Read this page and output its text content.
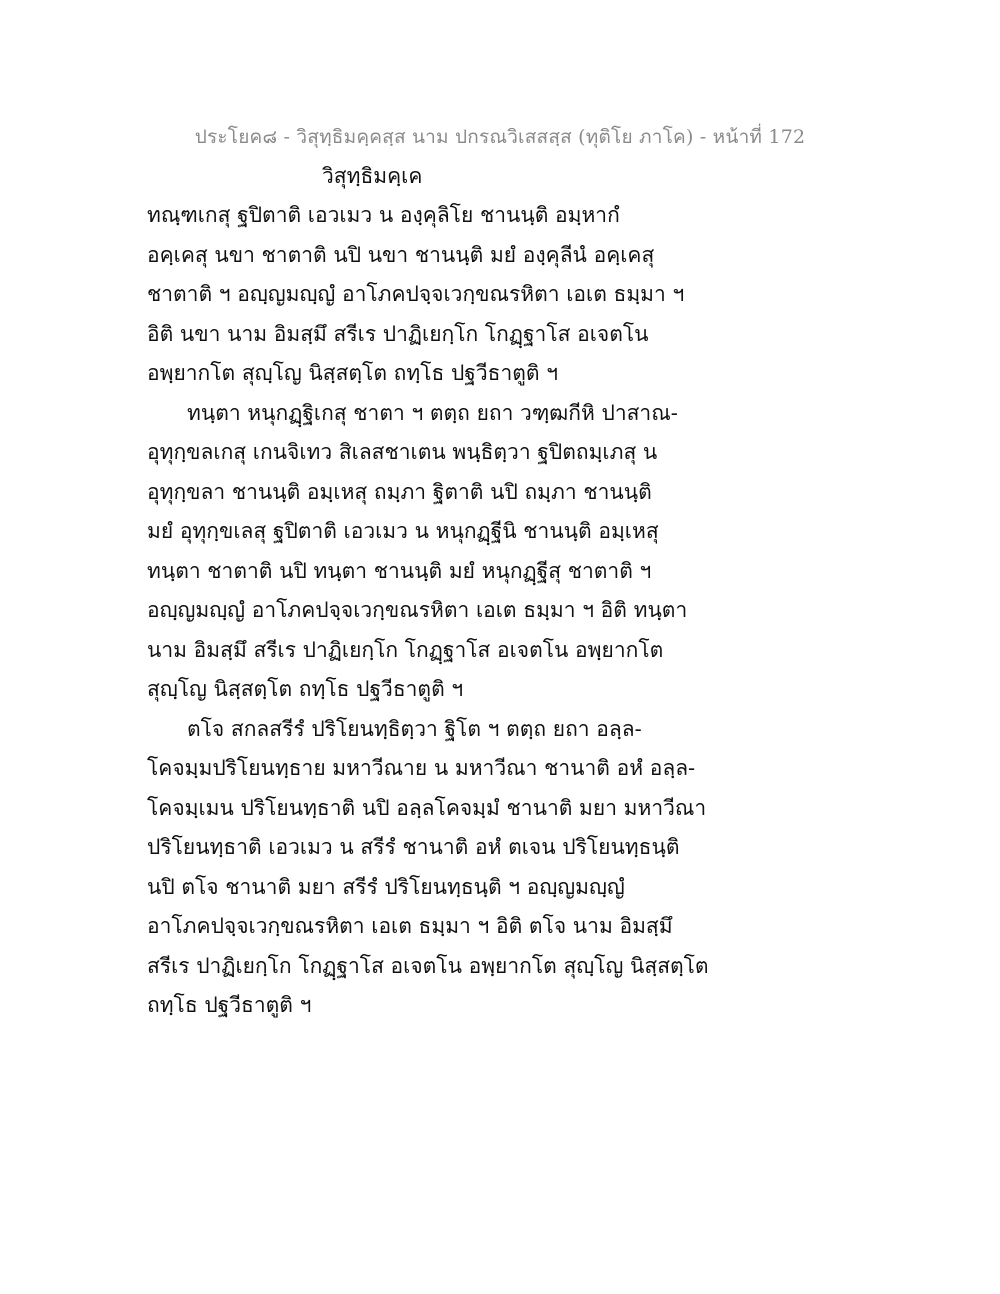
ประโยค๘ - วิสุทฺธิมคฺคสฺส นาม ปกรณวิเสสสฺส (ทุติโย ภาโค) - หน้าที่ 172
วิสุทฺธิมคฺเค
ทณฺฑเกสุ ฐปิตาติ เอวเมว น องฺคุลิโย ชานนฺติ อมฺหากํ
อคฺเคสุ นขา ชาตาติ นปิ นขา ชานนฺติ มยํ องฺคุลีนํ อคฺเคสุ
ชาตาติ ฯ อญฺญมญฺญํ อาโภคปจฺจเวกฺขณรหิตา เอเต ธมฺมา ฯ
อิติ นขา นาม อิมสฺมึ สรีเร ปาฏิเยกฺโก โกฏฺฐาโส อเจตโน
อพฺยากโต สุญฺโญ นิสฺสตฺโต ถทฺโธ ปฐวีธาตูติ ฯ
ทนฺตา หนุกฏฺฐิเกสุ ชาตา ฯ ตตฺถ ยถา วฑฺฒกีหิ ปาสาณ-
อุทุกฺขลเกสุ เกนจิเทว สิเลสชาเตน พนฺธิตฺวา ฐปิตถมฺเภสุ น
อุทุกฺขลา ชานนฺติ อมฺเหสุ ถมฺภา ฐิตาติ นปิ ถมฺภา ชานนฺติ
มยํ อุทุกฺขเลสุ ฐปิตาติ เอวเมว น หนุกฏฺฐีนิ ชานนฺติ อมฺเหสุ
ทนฺตา ชาตาติ นปิ ทนฺตา ชานนฺติ มยํ หนุกฏฺฐีสุ ชาตาติ ฯ
อญฺญมญฺญํ อาโภคปจฺจเวกฺขณรหิตา เอเต ธมฺมา ฯ อิติ ทนฺตา
นาม อิมสฺมึ สรีเร ปาฏิเยกฺโก โกฏฺฐาโส อเจตโน อพฺยากโต
สุญฺโญ นิสฺสตฺโต ถทฺโธ ปฐวีธาตูติ ฯ
ตโจ สกลสรีรํ ปริโยนทฺธิตฺวา ฐิโต ฯ ตตฺถ ยถา อลฺล-
โคจมฺมปริโยนทฺธาย มหาวีณาย น มหาวีณา ชานาติ อหํ อลฺล-
โคจมฺเมน ปริโยนทฺธาติ นปิ อลฺลโคจมฺมํ ชานาติ มยา มหาวีณา
ปริโยนทฺธาติ เอวเมว น สรีรํ ชานาติ อหํ ตเจน ปริโยนทฺธนฺติ
นปิ ตโจ ชานาติ มยา สรีรํ ปริโยนทฺธนฺติ ฯ อญฺญมญฺญํ
อาโภคปจฺจเวกฺขณรหิตา เอเต ธมฺมา ฯ อิติ ตโจ นาม อิมสฺมึ
สรีเร ปาฏิเยกฺโก โกฏฺฐาโส อเจตโน อพฺยากโต สุญฺโญ นิสฺสตฺโต
ถทฺโธ ปฐวีธาตูติ ฯ
